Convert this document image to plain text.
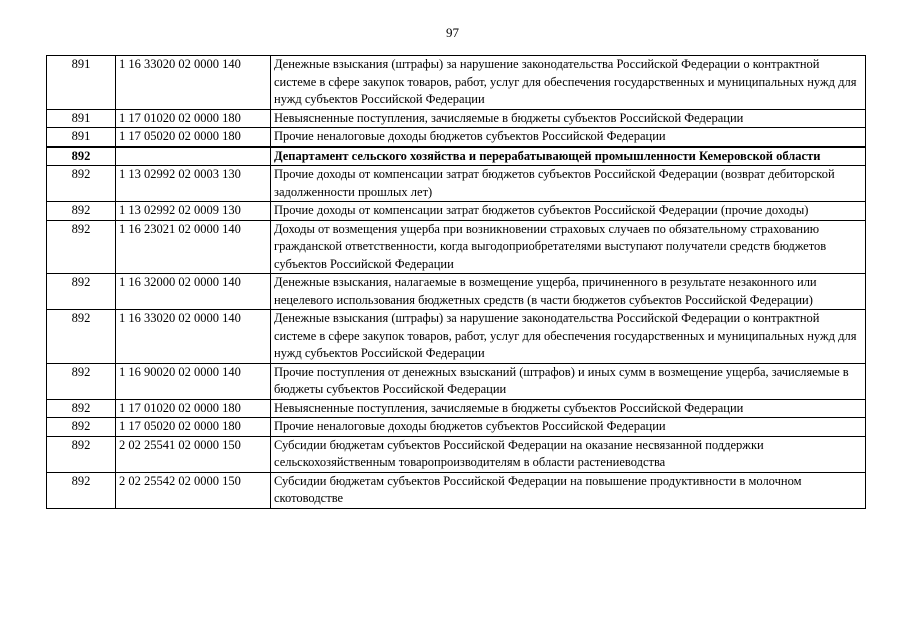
97
891	1 16 33020 02 0000 140	Денежные взыскания (штрафы) за нарушение законодательства Российской Федерации о контрактной системе в сфере закупок товаров, работ, услуг для обеспечения государственных и муниципальных нужд для нужд субъектов Российской Федерации
891	1 17 01020 02 0000 180	Невыясненные поступления, зачисляемые в бюджеты субъектов Российской Федерации
891	1 17 05020 02 0000 180	Прочие неналоговые доходы бюджетов субъектов Российской Федерации
892		Департамент сельского хозяйства и перерабатывающей промышленности Кемеровской области
892	1 13 02992 02 0003 130	Прочие доходы от компенсации затрат бюджетов субъектов Российской Федерации (возврат дебиторской задолженности прошлых лет)
892	1 13 02992 02 0009 130	Прочие доходы от компенсации затрат бюджетов субъектов Российской Федерации (прочие доходы)
892	1 16 23021 02 0000 140	Доходы от возмещения ущерба при возникновении страховых случаев по обязательному страхованию гражданской ответственности, когда выгодоприобретателями выступают получатели средств бюджетов субъектов Российской Федерации
892	1 16 32000 02 0000 140	Денежные взыскания, налагаемые в возмещение ущерба, причиненного в результате незаконного или нецелевого использования бюджетных средств (в части бюджетов субъектов Российской Федерации)
892	1 16 33020 02 0000 140	Денежные взыскания (штрафы) за нарушение законодательства Российской Федерации о контрактной системе в сфере закупок товаров, работ, услуг для обеспечения государственных и муниципальных нужд для нужд субъектов Российской Федерации
892	1 16 90020 02 0000 140	Прочие поступления от денежных взысканий (штрафов) и иных сумм в возмещение ущерба, зачисляемые в бюджеты субъектов Российской Федерации
892	1 17 01020 02 0000 180	Невыясненные поступления, зачисляемые в бюджеты субъектов Российской Федерации
892	1 17 05020 02 0000 180	Прочие неналоговые доходы бюджетов субъектов Российской Федерации
892	2 02 25541 02 0000 150	Субсидии бюджетам субъектов Российской Федерации на оказание несвязанной поддержки сельскохозяйственным товаропроизводителям в области растениеводства
892	2 02 25542 02 0000 150	Субсидии бюджетам субъектов Российской Федерации на повышение продуктивности в молочном скотоводстве
